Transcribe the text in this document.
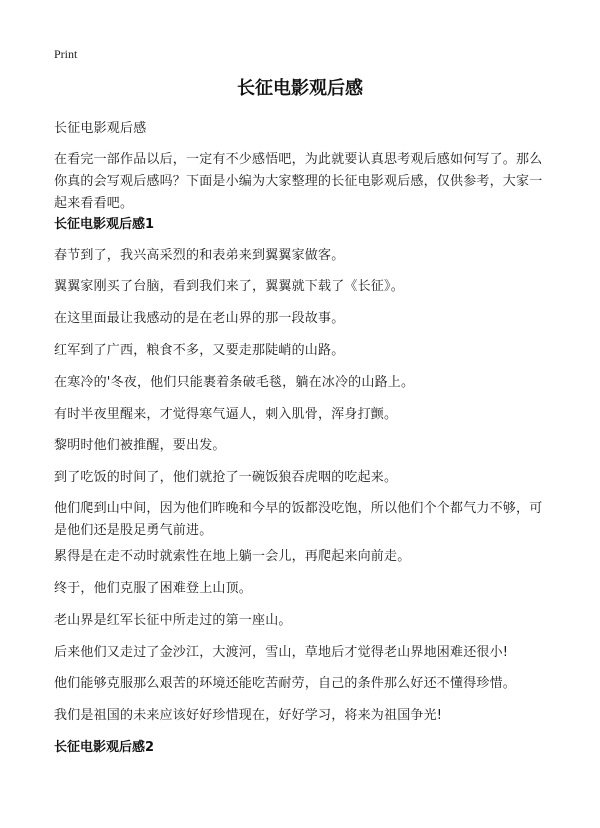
Print
长征电影观后感

长征电影观后感

在看完一部作品以后，一定有不少感悟吧，为此就要认真思考观后感如何写了。那么你真的会写观后感吗？下面是小编为大家整理的长征电影观后感，仅供参考，大家一起来看看吧。

长征电影观后感1

春节到了，我兴高采烈的和表弟来到翼翼家做客。

翼翼家刚买了台脑，看到我们来了，翼翼就下载了《长征》。

在这里面最让我感动的是在老山界的那一段故事。

红军到了广西，粮食不多，又要走那陡峭的山路。

在寒冷的'冬夜，他们只能裹着条破毛毯，躺在冰冷的山路上。

有时半夜里醒来，才觉得寒气逼人，刺入肌骨，浑身打颤。

黎明时他们被推醒，要出发。

到了吃饭的时间了，他们就抢了一碗饭狼吞虎咽的吃起来。

他们爬到山中间，因为他们昨晚和今早的饭都没吃饱，所以他们个个都气力不够，可是他们还是股足勇气前进。

累得是在走不动时就索性在地上躺一会儿，再爬起来向前走。

终于，他们克服了困难登上山顶。

老山界是红军长征中所走过的第一座山。

后来他们又走过了金沙江，大渡河，雪山，草地后才觉得老山界地困难还很小!

他们能够克服那么艰苦的环境还能吃苦耐劳，自己的条件那么好还不懂得珍惜。

我们是祖国的未来应该好好珍惜现在，好好学习，将来为祖国争光!

长征电影观后感2
